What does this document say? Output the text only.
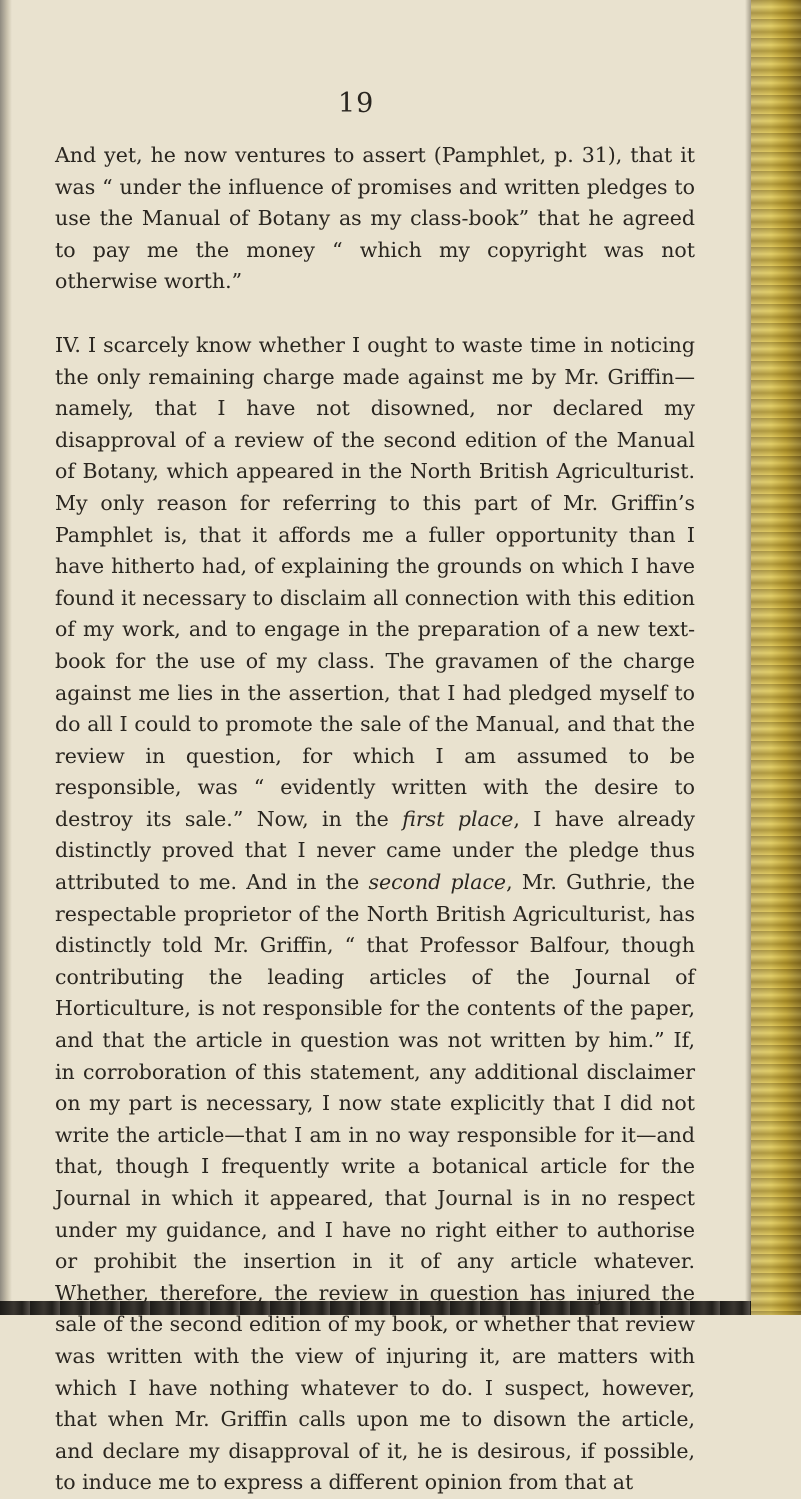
19

And yet, he now ventures to assert (Pamphlet, p. 31), that it was “ under the influence of promises and written pledges to use the Manual of Botany as my class-book” that he agreed to pay me the money “ which my copyright was not otherwise worth.”

IV. I scarcely know whether I ought to waste time in noticing the only remaining charge made against me by Mr. Griffin—namely, that I have not disowned, nor declared my disapproval of a review of the second edition of the Manual of Botany, which appeared in the North British Agriculturist. My only reason for referring to this part of Mr. Griffin’s Pamphlet is, that it affords me a fuller opportunity than I have hitherto had, of explaining the grounds on which I have found it necessary to disclaim all connection with this edition of my work, and to engage in the preparation of a new text-book for the use of my class. The gravamen of the charge against me lies in the assertion, that I had pledged myself to do all I could to promote the sale of the Manual, and that the review in question, for which I am assumed to be responsible, was “ evidently written with the desire to destroy its sale.” Now, in the first place, I have already distinctly proved that I never came under the pledge thus attributed to me. And in the second place, Mr. Guthrie, the respectable proprietor of the North British Agriculturist, has distinctly told Mr. Griffin, “ that Professor Balfour, though contributing the leading articles of the Journal of Horticulture, is not responsible for the contents of the paper, and that the article in question was not written by him.” If, in corroboration of this statement, any additional disclaimer on my part is necessary, I now state explicitly that I did not write the article—that I am in no way responsible for it—and that, though I frequently write a botanical article for the Journal in which it appeared, that Journal is in no respect under my guidance, and I have no right either to authorise or prohibit the insertion in it of any article whatever. Whether, therefore, the review in question has injured the sale of the second edition of my book, or whether that review was written with the view of injuring it, are matters with which I have nothing whatever to do. I suspect, however, that when Mr. Griffin calls upon me to disown the article, and declare my disapproval of it, he is desirous, if possible, to induce me to express a different opinion from that at
